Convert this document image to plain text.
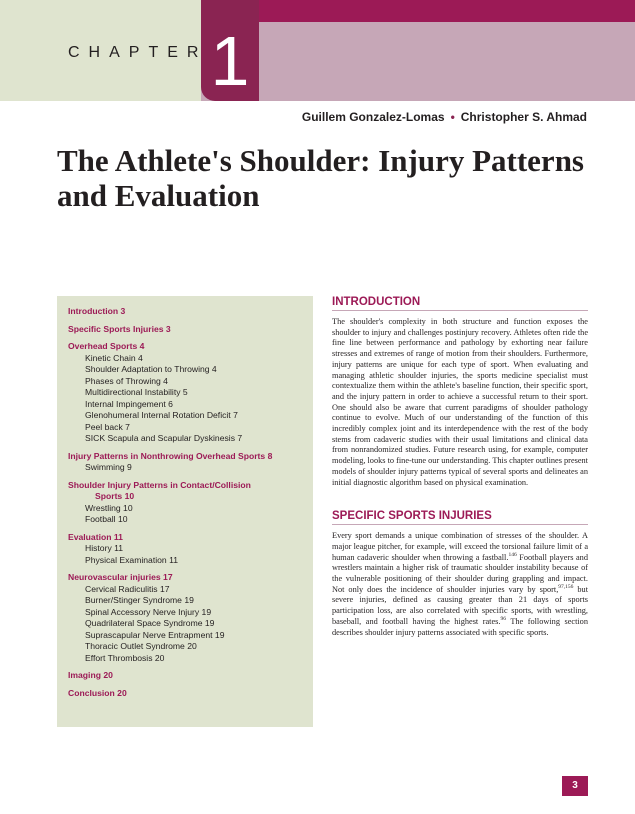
CHAPTER 1
Guillem Gonzalez-Lomas • Christopher S. Ahmad
The Athlete's Shoulder: Injury Patterns and Evaluation
Introduction 3
Specific Sports Injuries 3
Overhead Sports 4
Kinetic Chain 4
Shoulder Adaptation to Throwing 4
Phases of Throwing 4
Multidirectional Instability 5
Internal Impingement 6
Glenohumeral Internal Rotation Deficit 7
Peel back 7
SICK Scapula and Scapular Dyskinesis 7
Injury Patterns in Nonthrowing Overhead Sports 8
Swimming 9
Shoulder Injury Patterns in Contact/Collision
Sports 10
Wrestling 10
Football 10
Evaluation 11
History 11
Physical Examination 11
Neurovascular injuries 17
Cervical Radiculitis 17
Burner/Stinger Syndrome 19
Spinal Accessory Nerve Injury 19
Quadrilateral Space Syndrome 19
Suprascapular Nerve Entrapment 19
Thoracic Outlet Syndrome 20
Effort Thrombosis 20
Imaging 20
Conclusion 20
INTRODUCTION

The shoulder's complexity in both structure and function exposes the shoulder to injury and challenges postinjury recovery. Athletes often ride the fine line between performance and pathology by exhorting near failure stresses and extremes of range of motion from their shoulders. Furthermore, injury patterns are unique for each type of sport. When evaluating and managing athletic shoulder injuries, the sports medicine specialist must contextualize them within the athlete's baseline function, their specific sport, and the injury pattern in order to achieve a successful return to their sport. One should also be aware that current paradigms of shoulder pathology continue to evolve. Much of our understanding of the function of this incredibly complex joint and its interdependence with the rest of the body stems from cadaveric studies with their usual limitations and clinical data from nonrandomized studies. Future research using, for example, computer modeling, looks to fine-tune our understanding. This chapter outlines present models of shoulder injury patterns typical of several sports and delineates an initial diagnostic algorithm based on physical examination.

SPECIFIC SPORTS INJURIES

Every sport demands a unique combination of stresses of the shoulder. A major league pitcher, for example, will exceed the torsional failure limit of a human cadaveric shoulder when throwing a fastball.$^{146}$ Football players and wrestlers maintain a higher risk of traumatic shoulder instability because of the vulnerable positioning of their shoulder during grappling and impact. Not only does the incidence of shoulder injuries vary by sport,$^{97,156}$ but severe injuries, defined as causing greater than 21 days of sports participation loss, are also correlated with specific sports, with wrestling, baseball, and football having the highest rates.$^{96}$ The following section describes shoulder injury patterns associated with specific sports.

3
